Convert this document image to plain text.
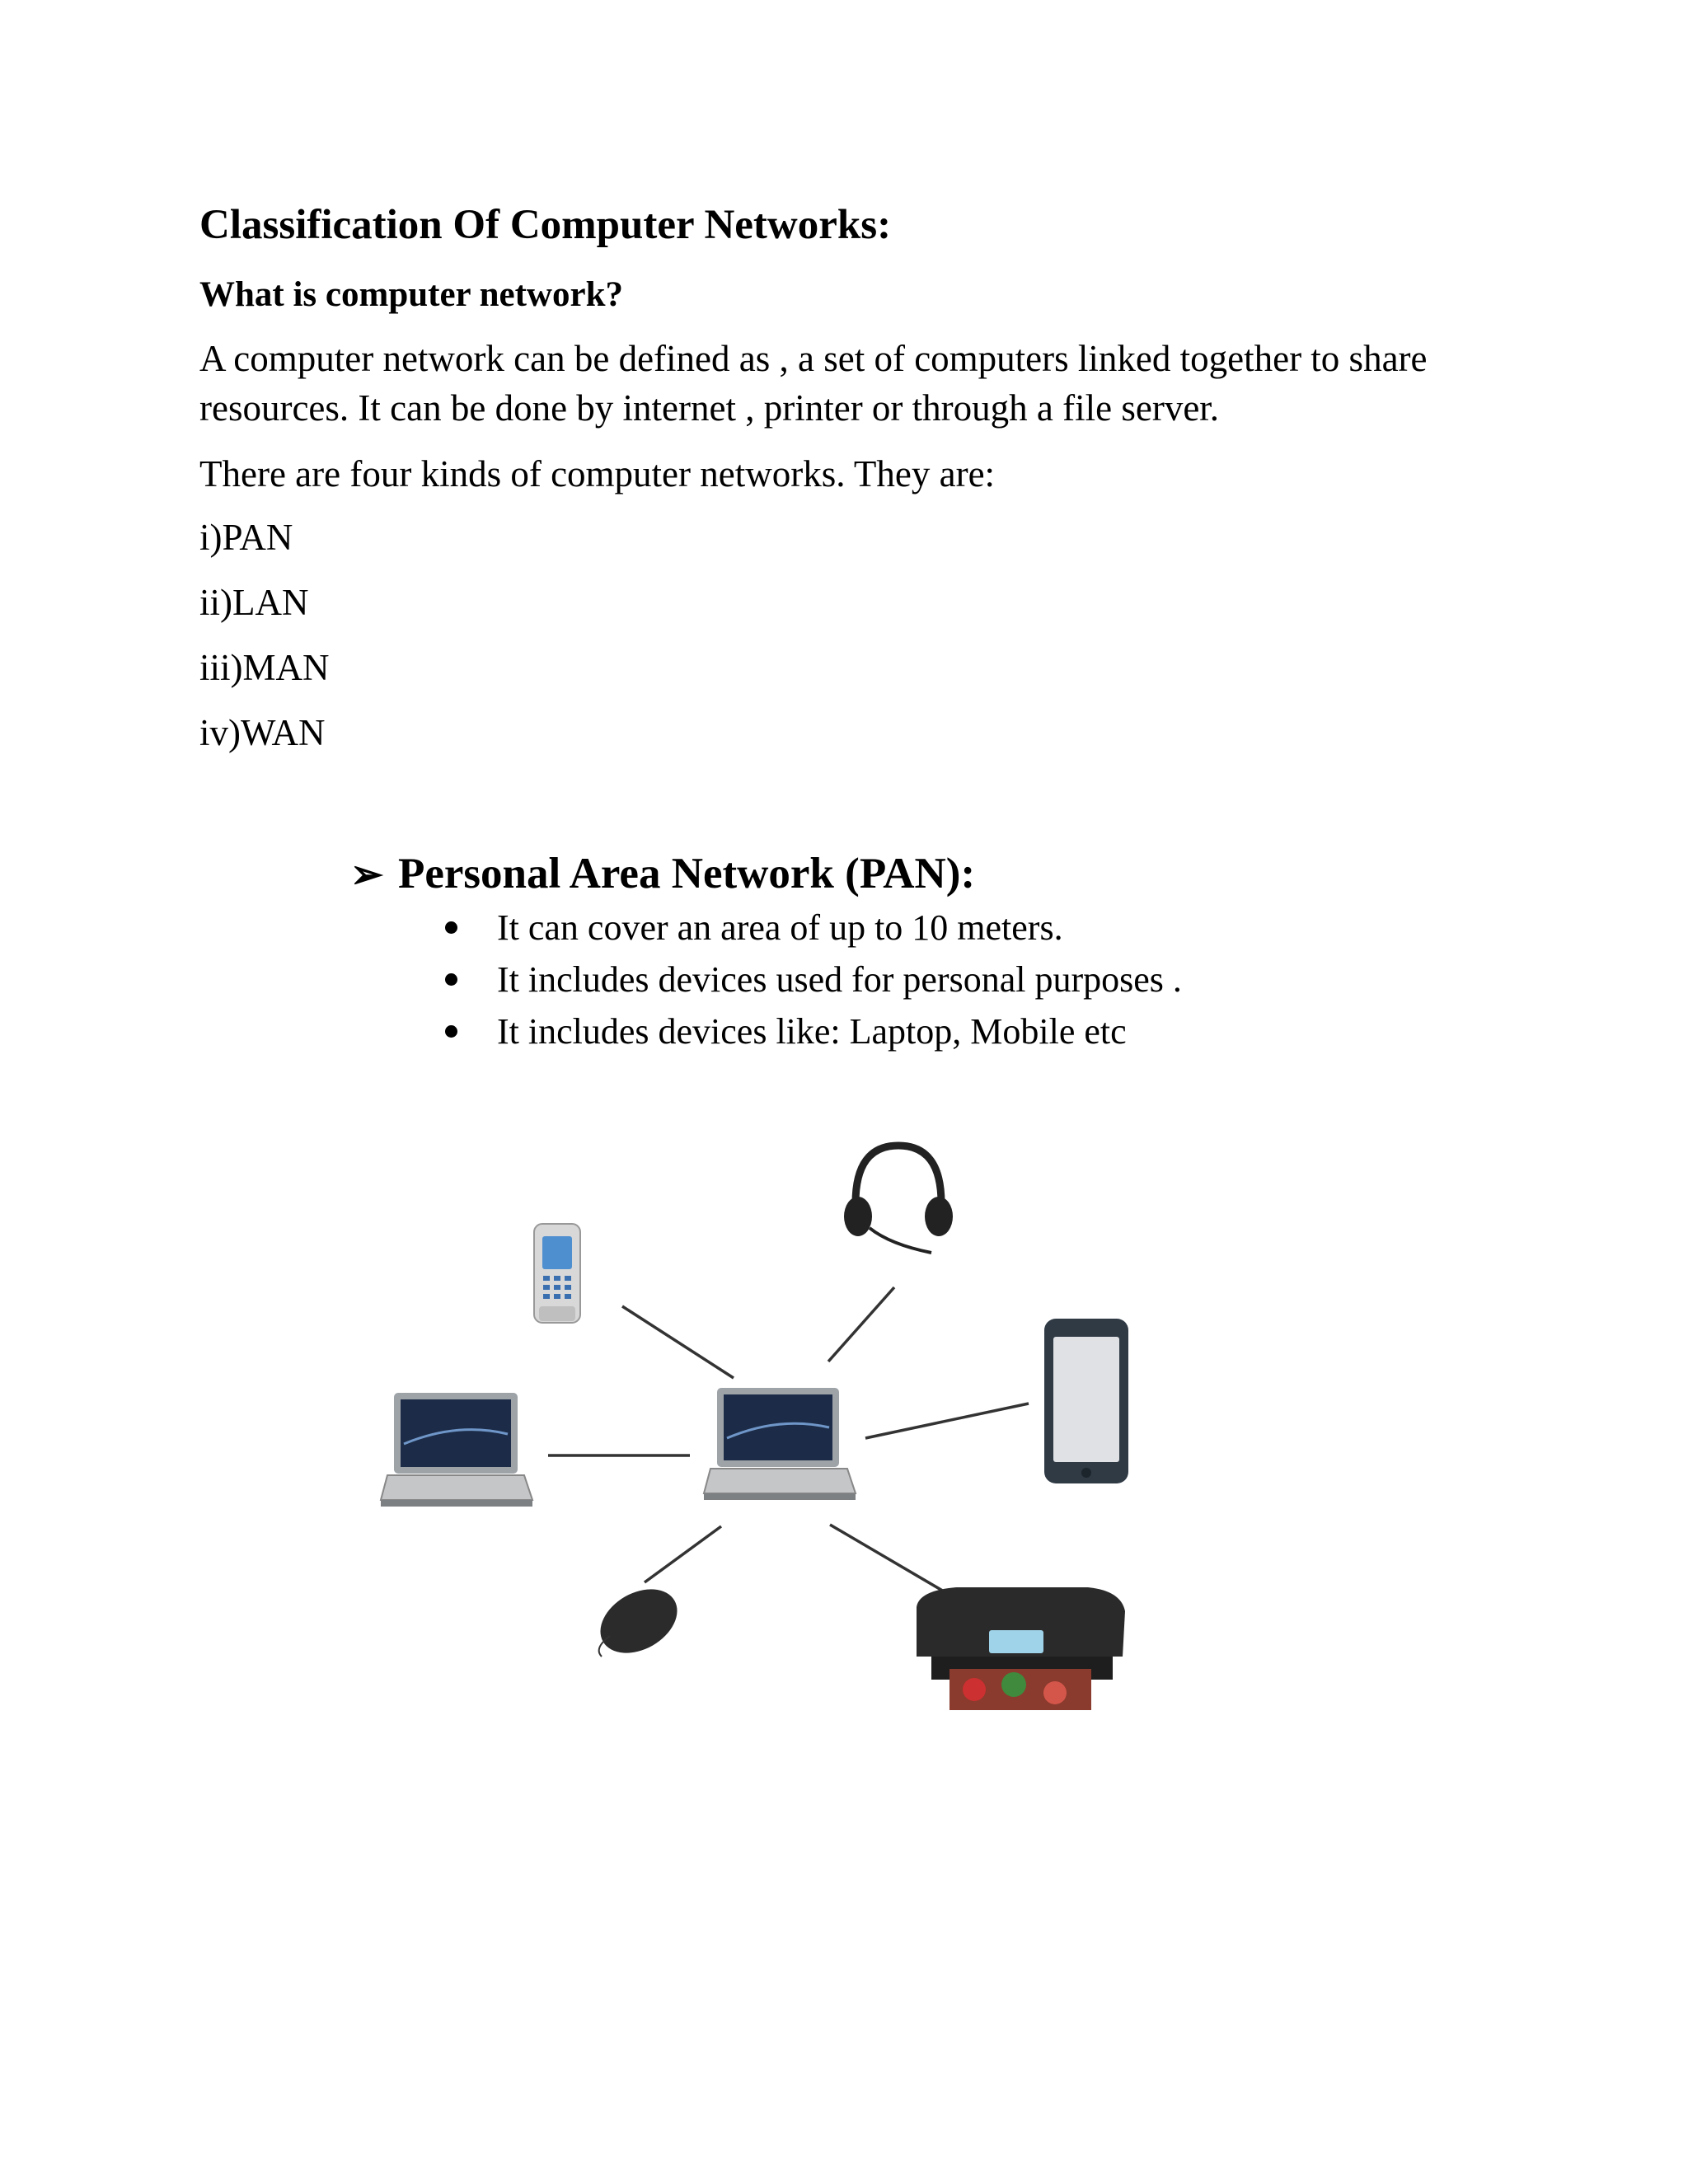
Classification Of Computer Networks:
What is computer network?

A computer network can be defined as , a set of computers linked together to share resources. It can be done by internet , printer or through a file server.

There are four kinds of computer networks. They are:

i)PAN
ii)LAN
iii)MAN
iv)WAN
➢ Personal Area Network (PAN):
It can cover an area of up to 10 meters.
It includes devices used for personal purposes .
It includes devices like: Laptop, Mobile etc
